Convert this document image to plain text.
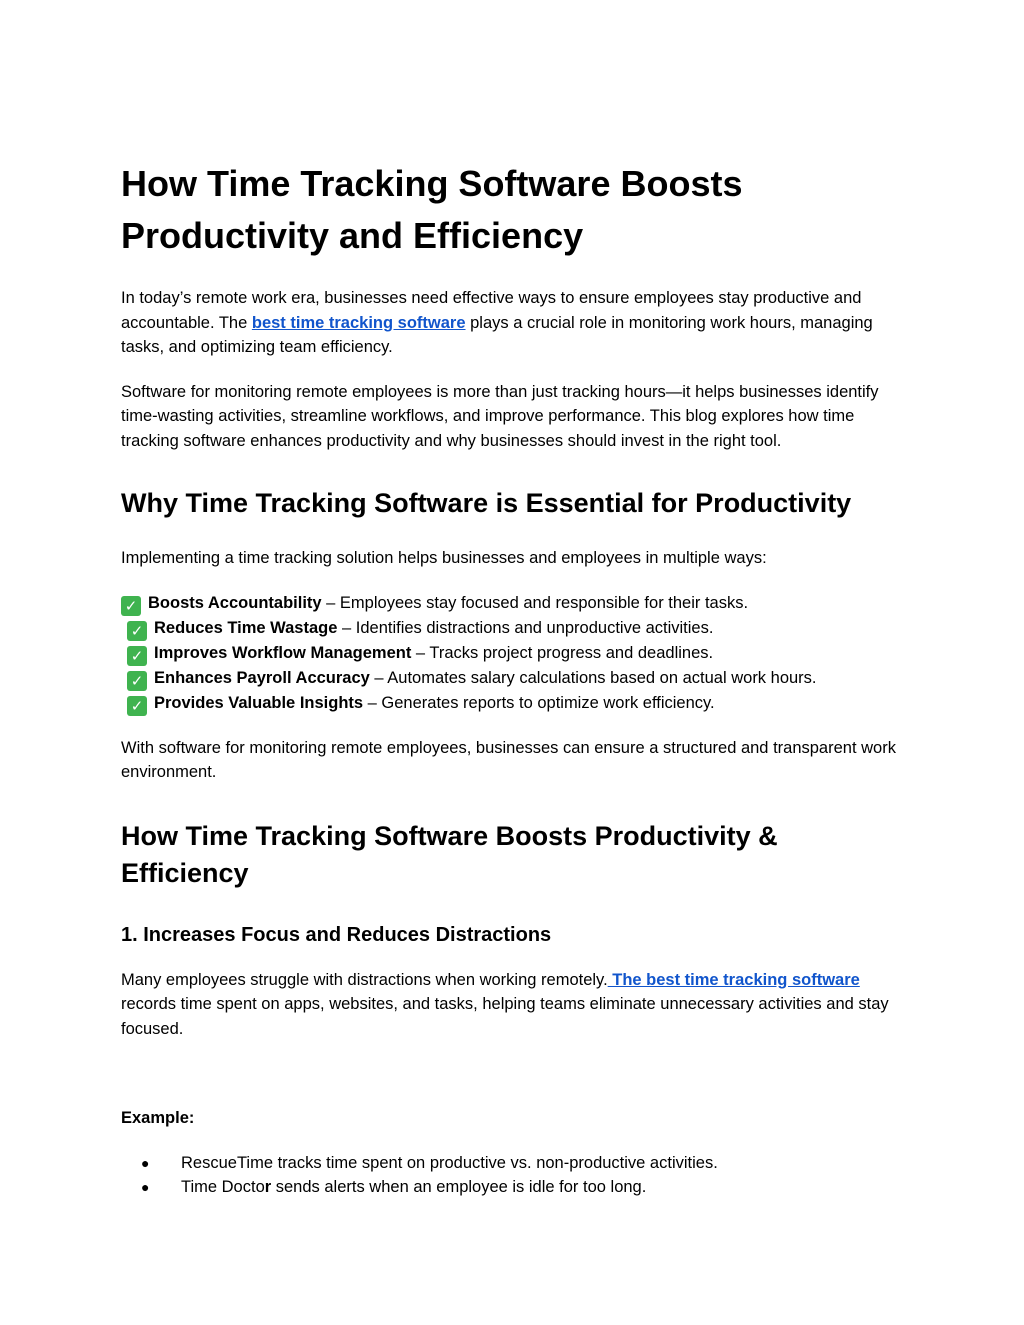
How Time Tracking Software Boosts Productivity and Efficiency

In today’s remote work era, businesses need effective ways to ensure employees stay productive and accountable. The best time tracking software plays a crucial role in monitoring work hours, managing tasks, and optimizing team efficiency.

Software for monitoring remote employees is more than just tracking hours—it helps businesses identify time-wasting activities, streamline workflows, and improve performance. This blog explores how time tracking software enhances productivity and why businesses should invest in the right tool.

Why Time Tracking Software is Essential for Productivity

Implementing a time tracking solution helps businesses and employees in multiple ways:

✓ Boosts Accountability – Employees stay focused and responsible for their tasks.
✓ Reduces Time Wastage – Identifies distractions and unproductive activities.
✓ Improves Workflow Management – Tracks project progress and deadlines.
✓ Enhances Payroll Accuracy – Automates salary calculations based on actual work hours.
✓ Provides Valuable Insights – Generates reports to optimize work efficiency.

With software for monitoring remote employees, businesses can ensure a structured and transparent work environment.

How Time Tracking Software Boosts Productivity & Efficiency
1. Increases Focus and Reduces Distractions

Many employees struggle with distractions when working remotely. The best time tracking software records time spent on apps, websites, and tasks, helping teams eliminate unnecessary activities and stay focused.

Example:
● RescueTime tracks time spent on productive vs. non-productive activities.
● Time Doctor sends alerts when an employee is idle for too long.
